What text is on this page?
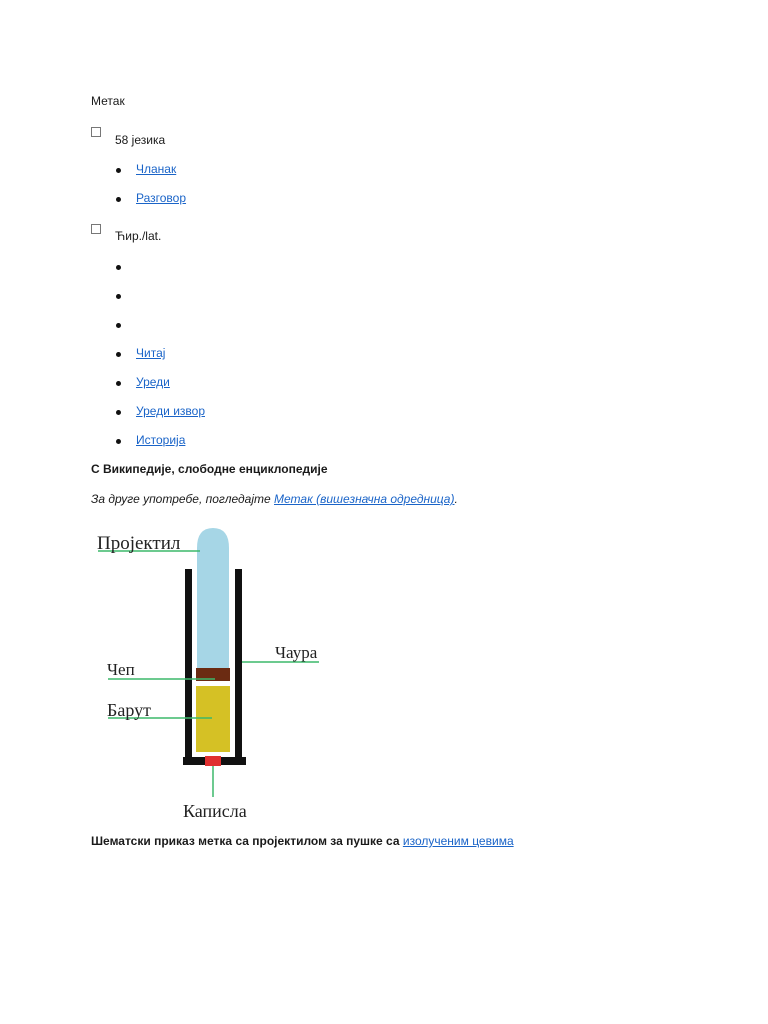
Метак
58 језика
Чланак
Разговор
Ћир./lat.
Читај
Уреди
Уреди извор
Историја
С Википедије, слободне енциклопедије
За друге употребе, погледајте Метак (вишезначна одредница).
Пројектил
Чаура
Чеп
Барут
Каписла
Шематски приказ метка са пројектилом за пушке са изолученим цевима
